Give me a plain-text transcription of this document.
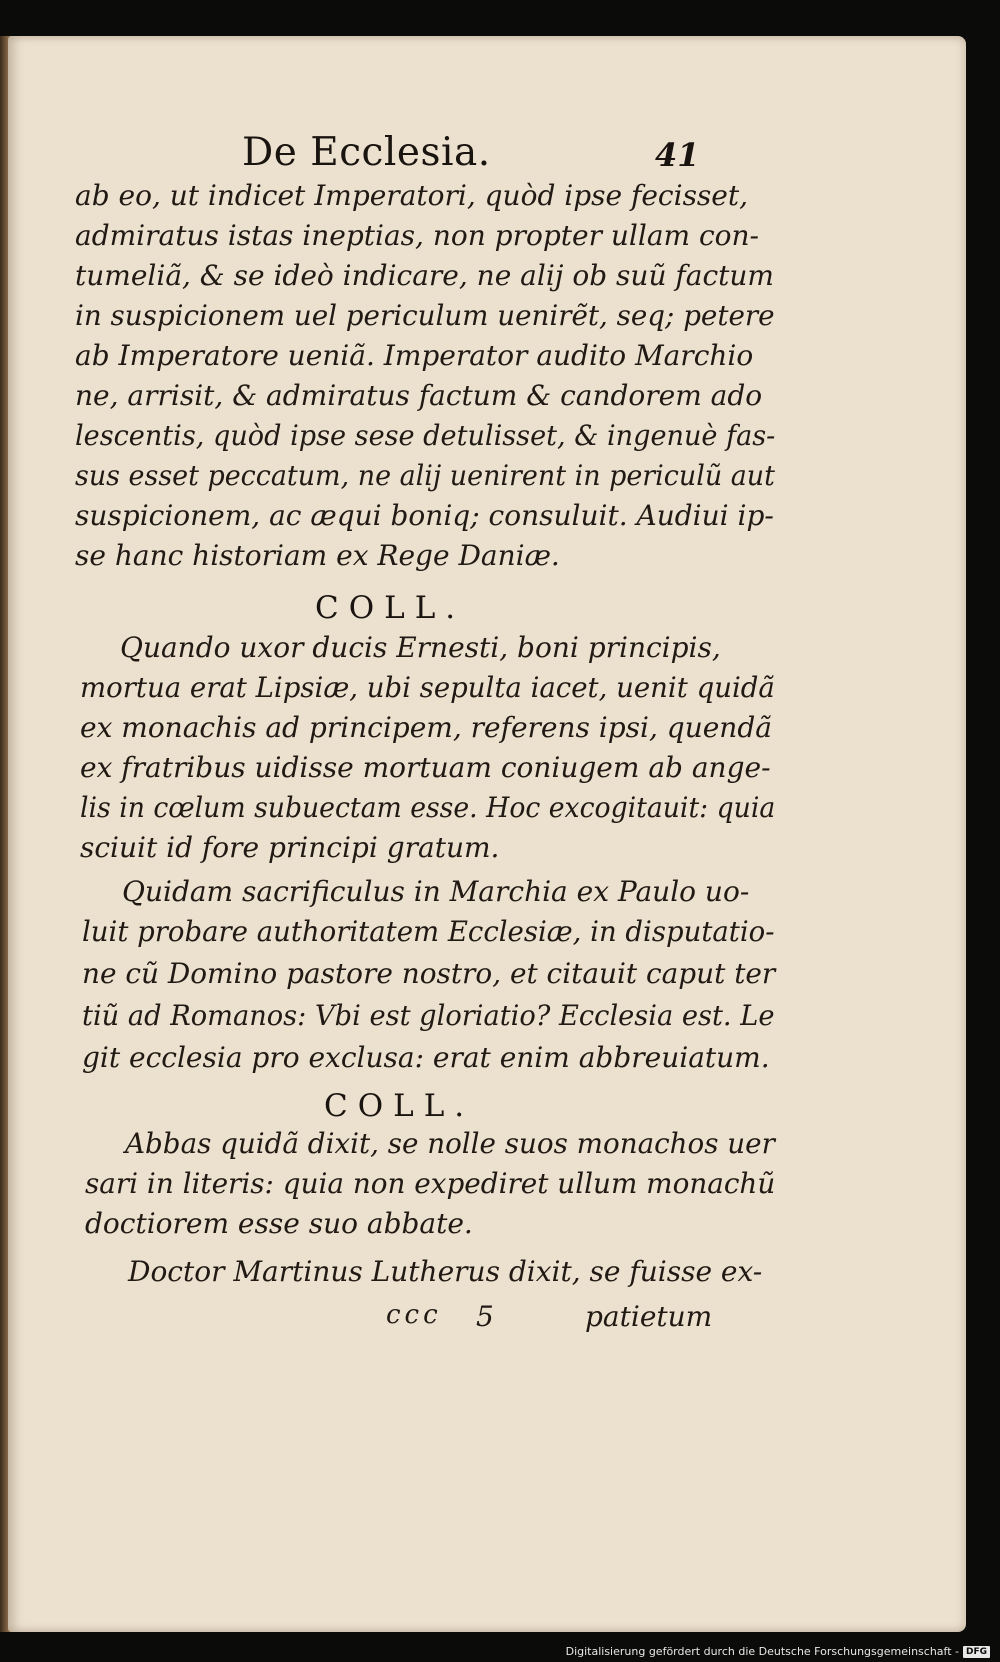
De Ecclesia.	41
ab eo, ut indicet Imperatori, quòd ipse fecisset,
admiratus istas ineptias, non propter ullam con-
tumeliã, & se ideò indicare, ne alij ob suũ factum
in suspicionem uel periculum uenirẽt, seq; petere
ab Imperatore ueniã. Imperator audito Marchio
ne, arrisit, & admiratus factum & candorem ado
lescentis, quòd ipse sese detulisset, & ingenuè fas-
sus esset peccatum, ne alij uenirent in periculũ aut
suspicionem, ac æqui boniq; consuluit. Audiui ip-
se hanc historiam ex Rege Daniæ.
COLL.
Quando uxor ducis Ernesti, boni principis,
mortua erat Lipsiæ, ubi sepulta iacet, uenit quidã
ex monachis ad principem, referens ipsi, quendã
ex fratribus uidisse mortuam coniugem ab ange-
lis in cœlum subuectam esse. Hoc excogitauit: quia
sciuit id fore principi gratum.
Quidam sacrificulus in Marchia ex Paulo uo-
luit probare authoritatem Ecclesiæ, in disputatio-
ne cũ Domino pastore nostro, et citauit caput ter
tiũ ad Romanos: Vbi est gloriatio? Ecclesia est. Le
git ecclesia pro exclusa: erat enim abbreuiatum.
COLL.
Abbas quidã dixit, se nolle suos monachos uer
sari in literis: quia non expediret ullum monachũ
doctiorem esse suo abbate.
Doctor Martinus Lutherus dixit, se fuisse ex-
ccc 5	patietum
Digitalisierung gefördert durch die Deutsche Forschungsgemeinschaft - DFG
